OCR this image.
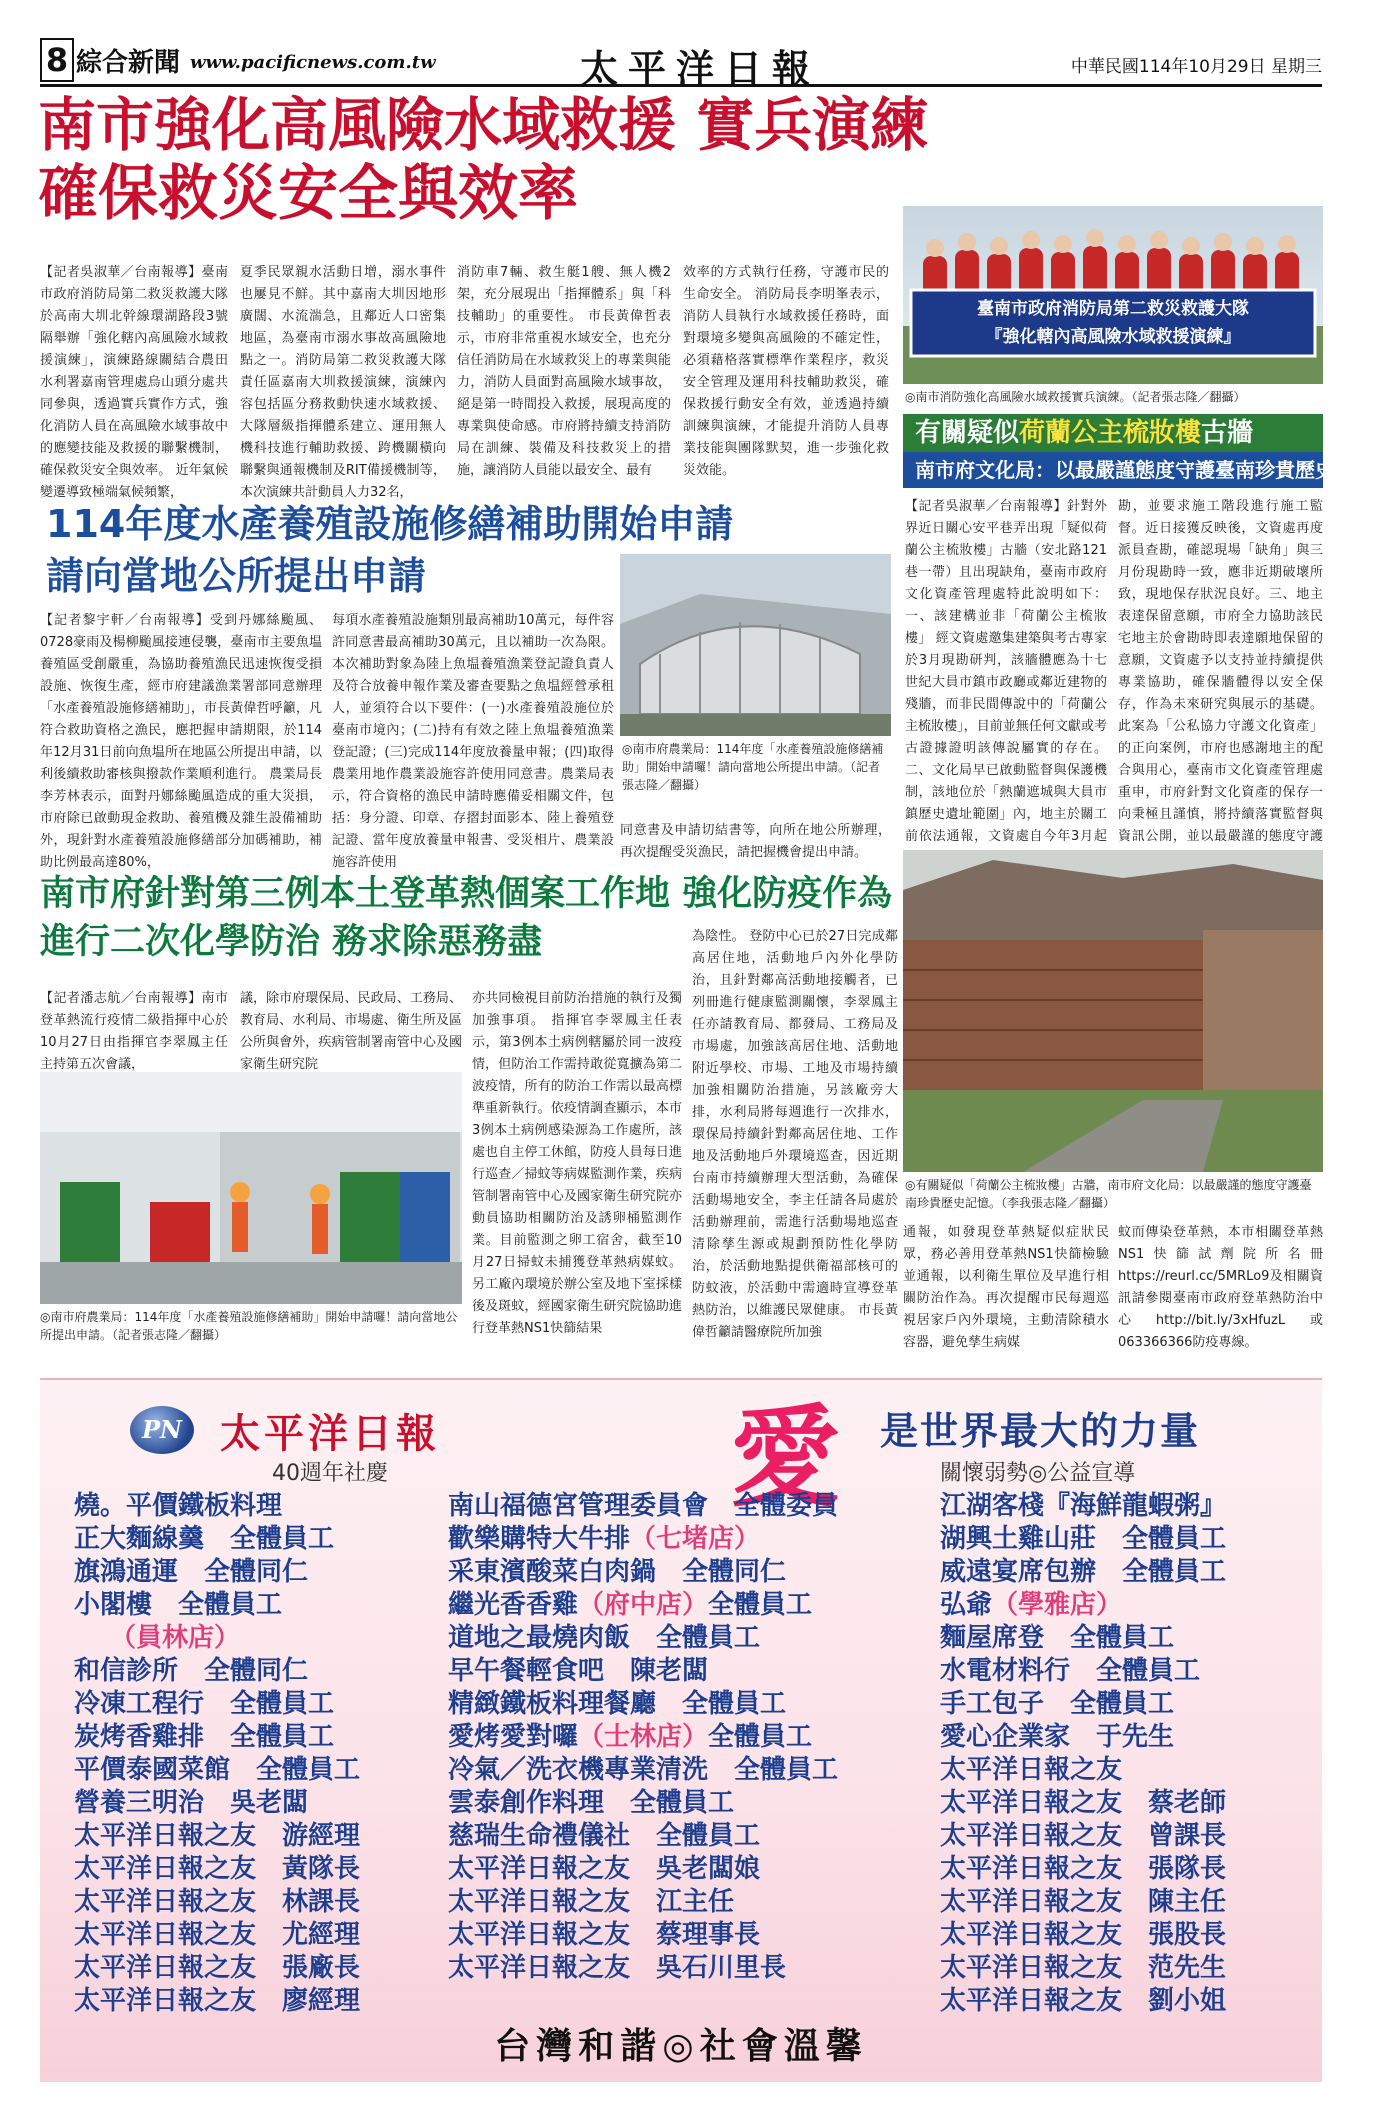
8 綜合新聞 www.pacificnews.com.tw	太平洋日報	中華民國114年10月29日 星期三
南市強化高風險水域救援 實兵演練
確保救災安全與效率
【記者吳淑華／台南報導】臺南市政府消防局第二救災救護大隊於高南大圳北幹線環湖路段3號隔舉辦「強化轄內高風險水域救援演練」，演練路線關結合農田水利署嘉南管理處烏山頭分處共同參與，透過實兵實作方式，強化消防人員在高風險水域事故中的應變技能及救援的聯繫機制，確保救災安全與效率。 近年氣候變遷導致極端氣候頻繁，
夏季民眾親水活動日增，溺水事件也屢見不鮮。其中嘉南大圳因地形廣闊、水流湍急，且鄰近人口密集地區，為臺南市溺水事故高風險地點之一。消防局第二救災救護大隊責任區嘉南大圳救援演練，演練內容包括區分務救動快速水域救援、大隊層級指揮體系建立、運用無人機科技進行輔助救援、跨機關橫向聯繫與通報機制及RIT備援機制等，本次演練共計動員人力32名，
消防車7輛、救生艇1艘、無人機2架，充分展現出「指揮體系」與「科技輔助」的重要性。 市長黃偉哲表示，市府非常重視水域安全，也充分信任消防局在水域救災上的專業與能力，消防人員面對高風險水域事故，絕是第一時間投入救援，展現高度的專業與使命感。市府將持續支持消防局在訓練、裝備及科技救災上的措施，讓消防人員能以最安全、最有
效率的方式執行任務，守護市民的生命安全。 消防局長李明峯表示，消防人員執行水域救援任務時，面對環境多變與高風險的不確定性，必須藉格落實標準作業程序，救災安全管理及運用科技輔助救災，確保救援行動安全有效，並透過持續訓練與演練，才能提升消防人員專業技能與團隊默契，進一步強化救災效能。
臺南市政府消防局第二救災救護大隊
『強化轄內高風險水域救援演練』
◎南市消防強化高風險水域救援實兵演練。（記者張志隆／翻攝）
有關疑似荷蘭公主梳妝樓古牆
南市府文化局：以最嚴謹態度守護臺南珍貴歷史記憶
【記者吳淑華／台南報導】針對外界近日關心安平巷弄出現「疑似荷蘭公主梳妝樓」古牆（安北路121巷一帶）且出現缺角，臺南市政府文化資產管理處特此說明如下：一、該建構並非「荷蘭公主梳妝樓」 經文資處邀集建築與考古專家於3月現勘研判，該牆體應為十七世紀大員市鎮市政廳或鄰近建物的殘牆，而非民間傳說中的「荷蘭公主梳妝樓」，目前並無任何文獻或考古證據證明該傳說屬實的存在。 二、文化局早已啟動監督與保護機制，該地位於「熱蘭遮城與大員市鎮歷史遺址範圍」內，地主於關工前依法通報，文資處自今年3月起
勘，並要求施工階段進行施工監督。近日接獲反映後，文資處再度派員查勘，確認現場「缺角」與三月份現勘時一致，應非近期破壞所致，現地保存狀況良好。三、地主表達保留意願，市府全力協助該民宅地主於會勘時即表達願地保留的意願，文資處予以支持並持續提供專業協助，確保牆體得以安全保存，作為未來研究與展示的基礎。 此案為「公私協力守護文化資產」的正向案例，市府也感謝地主的配合與用心，臺南市文化資產管理處重申，市府針對文化資產的保存一向秉極且謹慎，將持續落實監督與資訊公開，並以最嚴謹的態度守護
114年度水產養殖設施修繕補助開始申請
請向當地公所提出申請
【記者黎宇軒／台南報導】受到丹娜絲颱風、0728豪雨及楊柳颱風接連侵襲，臺南市主要魚塭養殖區受創嚴重，為協助養殖漁民迅速恢復受損設施、恢復生產，經市府建議漁業署部同意辦理「水產養殖設施修繕補助」，市長黃偉哲呼籲，凡符合救助資格之漁民，應把握申請期限，於114年12月31日前向魚塭所在地區公所提出申請，以利後續救助審核與撥款作業順利進行。 農業局長李芳林表示，面對丹娜絲颱風造成的重大災損，市府除已啟動現金救助、養殖機及雜生設備補助外，現針對水產養殖設施修繕部分加碼補助，補助比例最高達80%，
每項水產養殖設施類別最高補助10萬元，每件容許同意書最高補助30萬元，且以補助一次為限。 本次補助對象為陸上魚塭養殖漁業登記證負責人及符合放養申報作業及審查要點之魚塭經營承租人，並須符合以下要件：(一)水產養殖設施位於臺南市境內；(二)持有有效之陸上魚塭養殖漁業登記證；(三)完成114年度放養量申報；(四)取得農業用地作農業設施容許使用同意書。農業局表示，符合資格的漁民申請時應備妥相關文件，包括：身分證、印章、存摺封面影本、陸上養殖登記證、當年度放養量申報書、受災相片、農業設施容許使用
◎南市府農業局：114年度「水產養殖設施修繕補助」開始申請囉！請向當地公所提出申請。（記者張志隆／翻攝）
同意書及申請切結書等，向所在地公所辦理，再次提醒受災漁民，請把握機會提出申請。
南市府針對第三例本土登革熱個案工作地 強化防疫作為
進行二次化學防治 務求除惡務盡
【記者潘志航／台南報導】南市登革熱流行疫情二級指揮中心於10月27日由指揮官李翠鳳主任主持第五次會議，
議，除市府環保局、民政局、工務局、教育局、水利局、市場處、衛生所及區公所與會外，疾病管制署南管中心及國家衛生研究院
亦共同檢視目前防治措施的執行及獨加強事項。 指揮官李翠鳳主任表示，第3例本土病例轄屬於同一波疫情，但防治工作需持敢從寬擴為第二波疫情，所有的防治工作需以最高標準重新執行。依疫情調查顯示，本市3例本土病例感染源為工作處所，該處也自主停工休館，防疫人員每日進行巡查／掃蚊等病媒監測作業，疾病管制署南管中心及國家衛生研究院亦動員協助相關防治及誘卵桶監測作業。目前監測之卵工宿舍，截至10月27日掃蚊未捕獲登革熱病媒蚊。另工廠內環境於辦公室及地下室採樣後及斑蚊，經國家衛生研究院協助進行登革熱NS1快篩結果
為陰性。 登防中心已於27日完成鄰高居住地，活動地戶內外化學防治，且針對鄰高活動地接觸者，已列冊進行健康監測關懷，李翠鳳主任亦請教育局、都發局、工務局及市場處，加強該高居住地、活動地附近學校、市場、工地及市場持續加強相關防治措施，另該廠旁大排，水利局將每週進行一次排水，環保局持續針對鄰高居住地、工作地及活動地戶外環境巡查，因近期台南市持續辦理大型活動，為確保活動場地安全，李主任請各局處於活動辦理前，需進行活動場地巡查清除孳生源或規劃預防性化學防治，於活動地點提供衛福部核可的防蚊液，於活動中需適時宣導登革熱防治，以維護民眾健康。 市長黃偉哲籲請醫療院所加強
◎南市府農業局：114年度「水產養殖設施修繕補助」開始申請囉！請向當地公所提出申請。（記者張志隆／翻攝）
◎有關疑似「荷蘭公主梳妝樓」古牆，南市府文化局：以最嚴謹的態度守護臺南珍貴歷史記憶。（李我張志隆／翻攝）
通報，如發現登革熱疑似症狀民眾，務必善用登革熱NS1快篩檢驗並通報，以利衛生單位及早進行相關防治作為。再次提醒市民每週巡視居家戶內外環境，主動清除積水容器，避免孳生病媒
蚊而傳染登革熱，本市相關登革熱NS1快篩試劑院所名冊https://reurl.cc/5MRLo9及相關資訊請參閱臺南市政府登革熱防治中心http://bit.ly/3xHfuzL或063366366防疫專線。
PN 太平洋日報
40週年社慶	愛 是世界最大的力量
關懷弱勢◎公益宣導
燒。平價鐵板料理
正大麵線羹　全體員工
旗鴻通運　全體同仁
小閣樓　全體員工
（員林店）
和信診所　全體同仁
冷凍工程行　全體員工
炭烤香雞排　全體員工
平價泰國菜館　全體員工
營養三明治　吳老闆
太平洋日報之友　游經理
太平洋日報之友　黃隊長
太平洋日報之友　林課長
太平洋日報之友　尤經理
太平洋日報之友　張廠長
太平洋日報之友　廖經理
南山福德宮管理委員會　全體委員
歡樂購特大牛排（七堵店）
采東濱酸菜白肉鍋　全體同仁
繼光香香雞（府中店）全體員工
道地之最燒肉飯　全體員工
早午餐輕食吧　陳老闆
精緻鐵板料理餐廳　全體員工
愛烤愛對囉（士林店）全體員工
冷氣／洗衣機專業清洗　全體員工
雲泰創作料理　全體員工
慈瑞生命禮儀社　全體員工
太平洋日報之友　吳老闆娘
太平洋日報之友　江主任
太平洋日報之友　蔡理事長
太平洋日報之友　吳石川里長
江湖客棧『海鮮龍蝦粥』
湖興土雞山莊　全體員工
威遠宴席包辦　全體員工
弘爺（學雅店）
麵屋席登　全體員工
水電材料行　全體員工
手工包子　全體員工
愛心企業家　于先生
太平洋日報之友
太平洋日報之友　蔡老師
太平洋日報之友　曾課長
太平洋日報之友　張隊長
太平洋日報之友　陳主任
太平洋日報之友　張股長
太平洋日報之友　范先生
太平洋日報之友　劉小姐
台灣和諧◎社會溫馨
